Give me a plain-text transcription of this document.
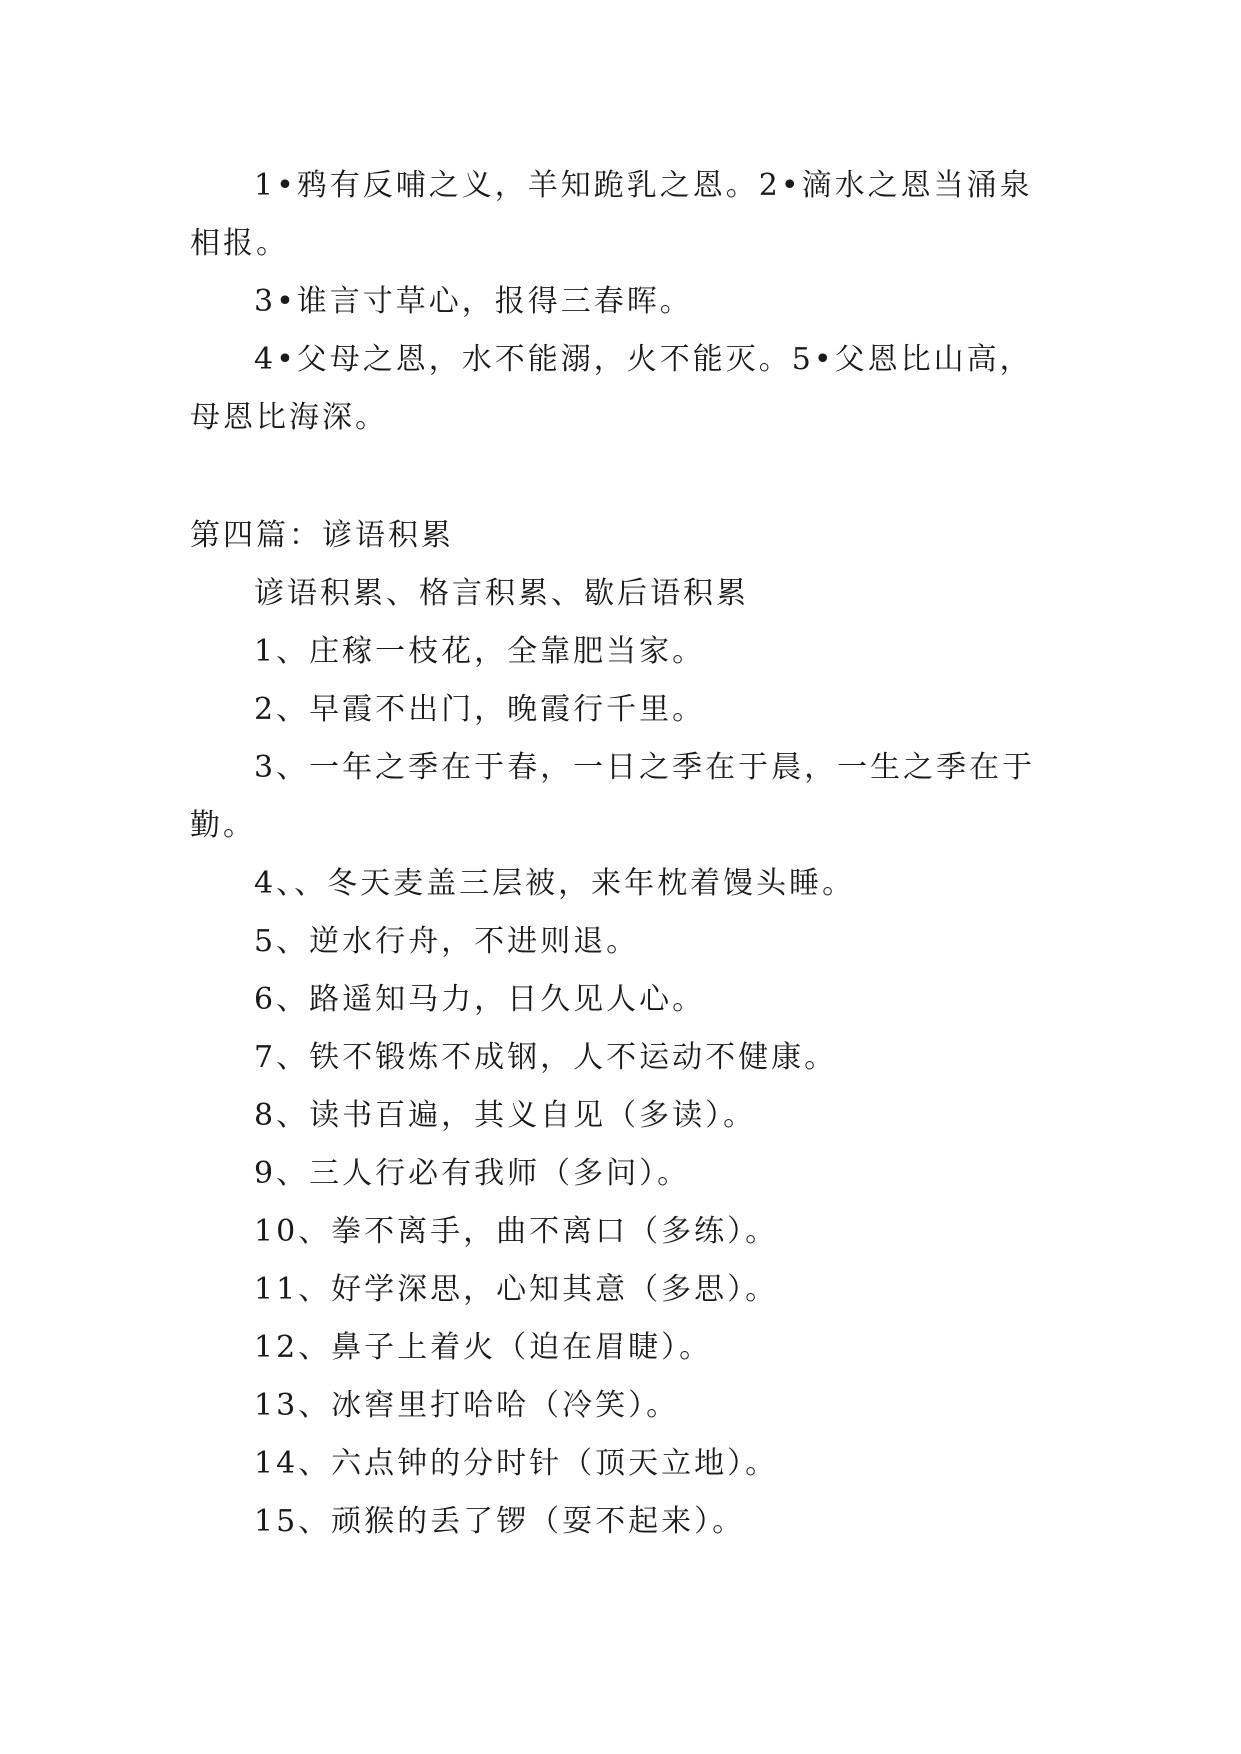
1•鸦有反哺之义，羊知跪乳之恩。2•滴水之恩当涌泉相报。

3•谁言寸草心，报得三春晖。

4•父母之恩，水不能溺，火不能灭。5•父恩比山高，母恩比海深。

第四篇：谚语积累

谚语积累、格言积累、歇后语积累

1、庄稼一枝花，全靠肥当家。

2、早霞不出门，晚霞行千里。

3、一年之季在于春，一日之季在于晨，一生之季在于勤。

4、、冬天麦盖三层被，来年枕着馒头睡。

5、逆水行舟，不进则退。

6、路遥知马力，日久见人心。

7、铁不锻炼不成钢，人不运动不健康。

8、读书百遍，其义自见（多读）。

9、三人行必有我师（多问）。

10、拳不离手，曲不离口（多练）。

11、好学深思，心知其意（多思）。

12、鼻子上着火（迫在眉睫）。

13、冰窖里打哈哈（冷笑）。

14、六点钟的分时针（顶天立地）。

15、顽猴的丢了锣（耍不起来）。
